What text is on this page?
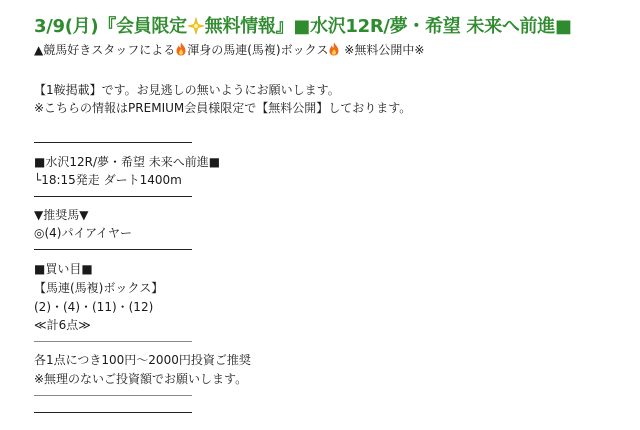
3/9(月)『会員限定 無料情報』■水沢12R/夢・希望 未来へ前進■
▲競馬好きスタッフによる 渾身の馬連(馬複)ボックス ※無料公開中※
【1鞍掲載】です。お見逃しの無いようにお願いします。
※こちらの情報はPREMIUM会員様限定で【無料公開】しております。
■水沢12R/夢・希望 未来へ前進■
└18:15発走 ダート1400m
▼推奨馬▼
◎(4)パイアイヤー
■買い目■
【馬連(馬複)ボックス】
(2)・(4)・(11)・(12)
≪計6点≫
各1点につき100円～2000円投資ご推奨
※無理のないご投資額でお願いします。
